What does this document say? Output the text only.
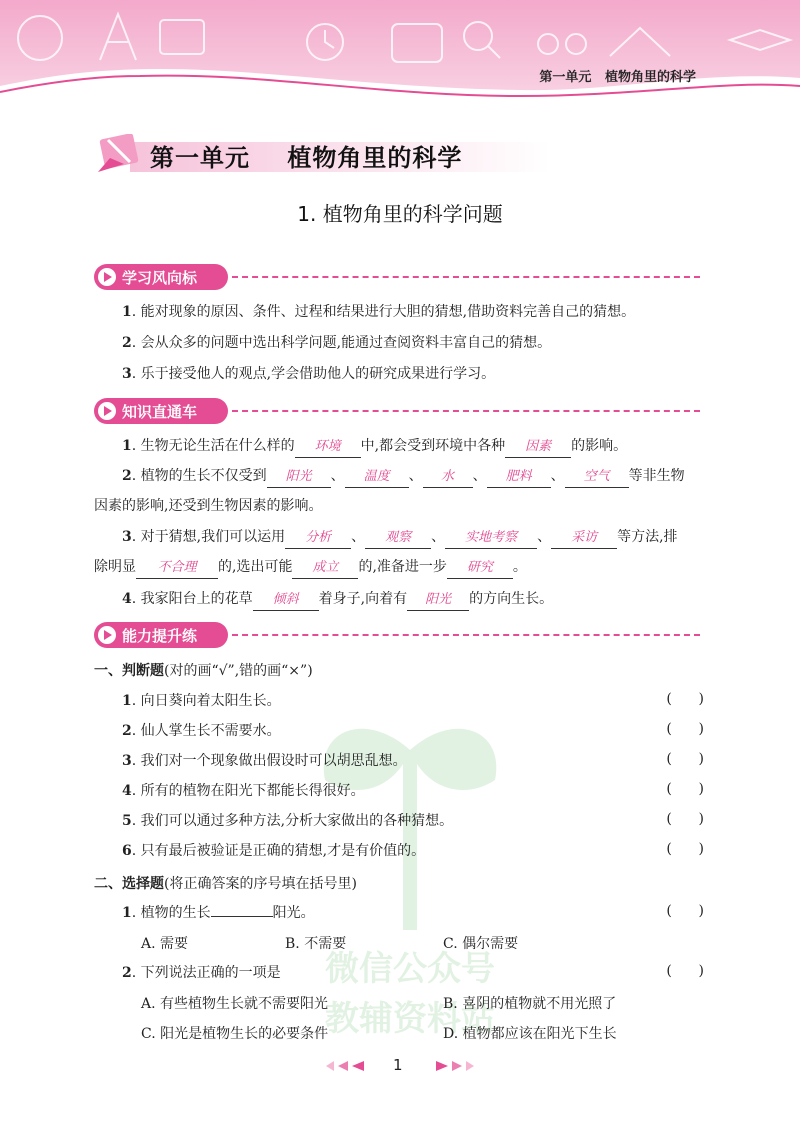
第一单元   植物角里的科学
第一单元    植物角里的科学
1. 植物角里的科学问题
学习风向标
1. 能对现象的原因、条件、过程和结果进行大胆的猜想,借助资料完善自己的猜想。
2. 会从众多的问题中选出科学问题,能通过查阅资料丰富自己的猜想。
3. 乐于接受他人的观点,学会借助他人的研究成果进行学习。
知识直通车
1. 生物无论生活在什么样的 环境 中,都会受到环境中各种 因素 的影响。
2. 植物的生长不仅受到 阳光 、 温度 、 水 、 肥料 、 空气 等非生物
因素的影响,还受到生物因素的影响。
3. 对于猜想,我们可以运用 分析 、 观察 、 实地考察 、 采访 等方法,排
除明显 不合理 的,选出可能 成立 的,准备进一步 研究 。
4. 我家阳台上的花草 倾斜 着身子,向着有 阳光 的方向生长。
能力提升练
微信公众号
教辅资料站
一、判断题(对的画“√”,错的画“×”)
1. 向日葵向着太阳生长。	(      )
2. 仙人掌生长不需要水。	(      )
3. 我们对一个现象做出假设时可以胡思乱想。	(      )
4. 所有的植物在阳光下都能长得很好。	(      )
5. 我们可以通过多种方法,分析大家做出的各种猜想。	(      )
6. 只有最后被验证是正确的猜想,才是有价值的。	(      )
二、选择题(将正确答案的序号填在括号里)
1. 植物的生长	阳光。	(      )
A. 需要	B. 不需要	C. 偶尔需要
2. 下列说法正确的一项是	(      )
A. 有些植物生长就不需要阳光	B. 喜阴的植物就不用光照了
C. 阳光是植物生长的必要条件	D. 植物都应该在阳光下生长
1
